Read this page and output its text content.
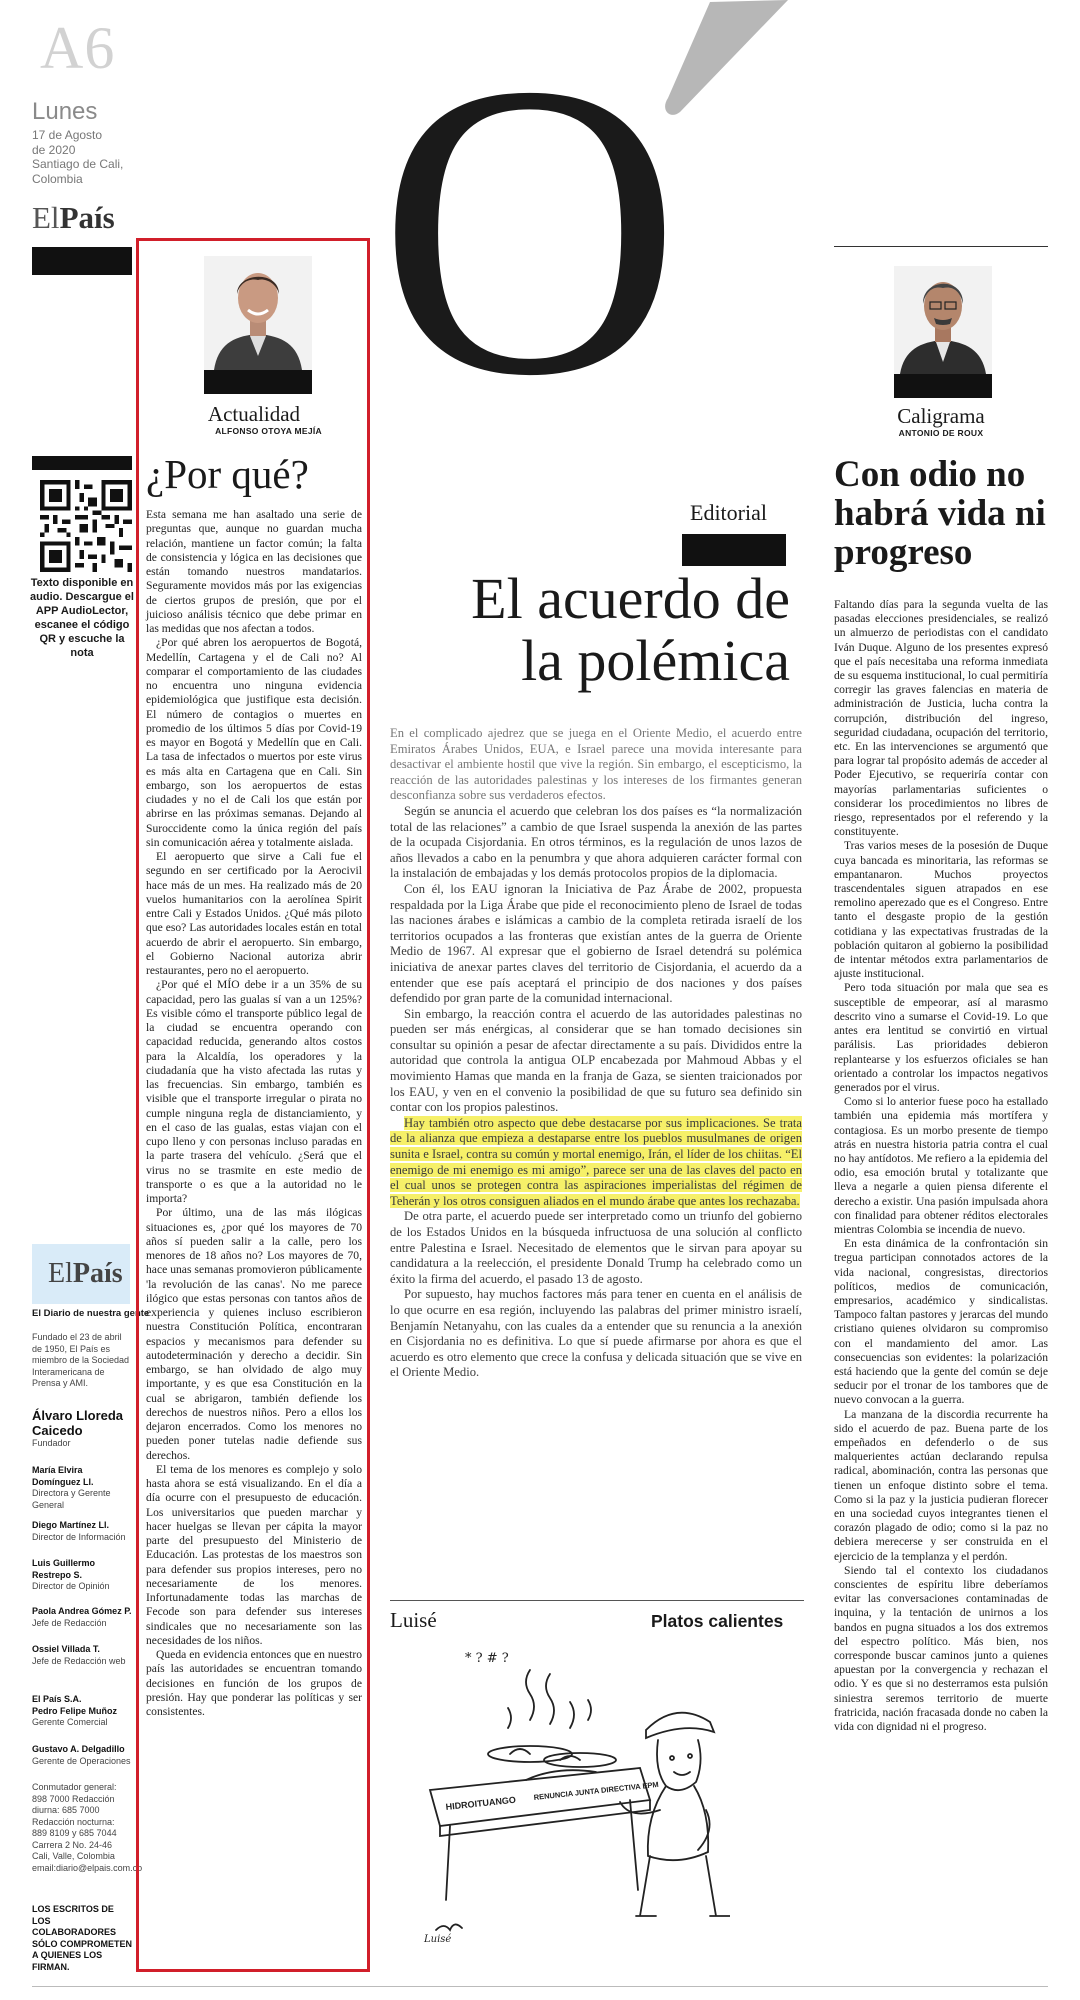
A6
Lunes
17 de Agosto
de 2020
Santiago de Cali,
Colombia
ElPaís
Texto disponible en audio. Descargue el APP AudioLector, escanee el código QR y escuche la nota
ElPaís
El Diario de nuestra gente
Fundado el 23 de abril de 1950, El País es miembro de la Sociedad Interamericana de Prensa y AMI.
Álvaro Lloreda Caicedo
Fundador
María Elvira Domínguez Ll.
Directora y Gerente General
Diego Martínez Ll.
Director de Información
Luis Guillermo Restrepo S.
Director de Opinión
Paola Andrea Gómez P.
Jefe de Redacción
Ossiel Villada T.
Jefe de Redacción web
El País S.A.
Pedro Felipe Muñoz
Gerente Comercial
Gustavo A. Delgadillo
Gerente de Operaciones
Conmutador general: 898 7000 Redacción diurna: 685 7000 Redacción nocturna: 889 8109 y 685 7044 Carrera 2 No. 24-46 Cali, Valle, Colombia email:diario@elpais.com.co
LOS ESCRITOS DE LOS COLABORADORES SÓLO COMPROMETEN A QUIENES LOS FIRMAN.
Actualidad
ALFONSO OTOYA MEJÍA
¿Por qué?

Esta semana me han asaltado una serie de preguntas que, aunque no guardan mucha relación, mantiene un factor común; la falta de consistencia y lógica en las decisiones que están tomando nuestros mandatarios. Seguramente movidos más por las exigencias de ciertos grupos de presión, que por el juicioso análisis técnico que debe primar en las medidas que nos afectan a todos.

¿Por qué abren los aeropuertos de Bogotá, Medellín, Cartagena y el de Cali no? Al comparar el comportamiento de las ciudades no encuentra uno ninguna evidencia epidemiológica que justifique esta decisión. El número de contagios o muertes en promedio de los últimos 5 días por Covid-19 es mayor en Bogotá y Medellín que en Cali. La tasa de infectados o muertos por este virus es más alta en Cartagena que en Cali. Sin embargo, son los aeropuertos de estas ciudades y no el de Cali los que están por abrirse en las próximas semanas. Dejando al Suroccidente como la única región del país sin comunicación aérea y totalmente aislada.

El aeropuerto que sirve a Cali fue el segundo en ser certificado por la Aerocivil hace más de un mes. Ha realizado más de 20 vuelos humanitarios con la aerolínea Spirit entre Cali y Estados Unidos. ¿Qué más piloto que eso? Las autoridades locales están en total acuerdo de abrir el aeropuerto. Sin embargo, el Gobierno Nacional autoriza abrir restaurantes, pero no el aeropuerto.

¿Por qué el MÍO debe ir a un 35% de su capacidad, pero las gualas sí van a un 125%? Es visible cómo el transporte público legal de la ciudad se encuentra operando con capacidad reducida, generando altos costos para la Alcaldía, los operadores y la ciudadanía que ha visto afectada las rutas y las frecuencias. Sin embargo, también es visible que el transporte irregular o pirata no cumple ninguna regla de distanciamiento, y en el caso de las gualas, estas viajan con el cupo lleno y con personas incluso paradas en la parte trasera del vehículo. ¿Será que el virus no se trasmite en este medio de transporte o es que a la autoridad no le importa?

Por último, una de las más ilógicas situaciones es, ¿por qué los mayores de 70 años sí pueden salir a la calle, pero los menores de 18 años no? Los mayores de 70, hace unas semanas promovieron públicamente 'la revolución de las canas'. No me parece ilógico que estas personas con tantos años de experiencia y quienes incluso escribieron nuestra Constitución Política, encontraran espacios y mecanismos para defender su autodeterminación y derecho a decidir. Sin embargo, se han olvidado de algo muy importante, y es que esa Constitución en la cual se abrigaron, también defiende los derechos de nuestros niños. Pero a ellos los dejaron encerrados. Como los menores no pueden poner tutelas nadie defiende sus derechos.

El tema de los menores es complejo y solo hasta ahora se está visualizando. En el día a día ocurre con el presupuesto de educación. Los universitarios que pueden marchar y hacer huelgas se llevan per cápita la mayor parte del presupuesto del Ministerio de Educación. Las protestas de los maestros son para defender sus propios intereses, pero no necesariamente de los menores. Infortunadamente todas las marchas de Fecode son para defender sus intereses sindicales que no necesariamente son las necesidades de los niños.

Queda en evidencia entonces que en nuestro país las autoridades se encuentran tomando decisiones en función de los grupos de presión. Hay que ponderar las políticas y ser consistentes.

O
Editorial
El acuerdo de
la polémica

En el complicado ajedrez que se juega en el Oriente Medio, el acuerdo entre Emiratos Árabes Unidos, EUA, e Israel parece una movida interesante para desactivar el ambiente hostil que vive la región. Sin embargo, el escepticismo, la reacción de las autoridades palestinas y los intereses de los firmantes generan desconfianza sobre sus verdaderos efectos.

Según se anuncia el acuerdo que celebran los dos países es “la normalización total de las relaciones” a cambio de que Israel suspenda la anexión de las partes de la ocupada Cisjordania. En otros términos, es la regulación de unos lazos de años llevados a cabo en la penumbra y que ahora adquieren carácter formal con la instalación de embajadas y los demás protocolos propios de la diplomacia.

Con él, los EAU ignoran la Iniciativa de Paz Árabe de 2002, propuesta respaldada por la Liga Árabe que pide el reconocimiento pleno de Israel de todas las naciones árabes e islámicas a cambio de la completa retirada israelí de los territorios ocupados a las fronteras que existían antes de la guerra de Oriente Medio de 1967. Al expresar que el gobierno de Israel detendrá su polémica iniciativa de anexar partes claves del territorio de Cisjordania, el acuerdo da a entender que ese país aceptará el principio de dos naciones y dos países defendido por gran parte de la comunidad internacional.

Sin embargo, la reacción contra el acuerdo de las autoridades palestinas no pueden ser más enérgicas, al considerar que se han tomado decisiones sin consultar su opinión a pesar de afectar directamente a su país. Divididos entre la autoridad que controla la antigua OLP encabezada por Mahmoud Abbas y el movimiento Hamas que manda en la franja de Gaza, se sienten traicionados por los EAU, y ven en el convenio la posibilidad de que su futuro sea definido sin contar con los propios palestinos.

Hay también otro aspecto que debe destacarse por sus implicaciones. Se trata de la alianza que empieza a destaparse entre los pueblos musulmanes de origen sunita e Israel, contra su común y mortal enemigo, Irán, el líder de los chiitas. “El enemigo de mi enemigo es mi amigo”, parece ser una de las claves del pacto en el cual unos se protegen contra las aspiraciones imperialistas del régimen de Teherán y los otros consiguen aliados en el mundo árabe que antes los rechazaba.

De otra parte, el acuerdo puede ser interpretado como un triunfo del gobierno de los Estados Unidos en la búsqueda infructuosa de una solución al conflicto entre Palestina e Israel. Necesitado de elementos que le sirvan para apoyar su candidatura a la reelección, el presidente Donald Trump ha celebrado como un éxito la firma del acuerdo, el pasado 13 de agosto.

Por supuesto, hay muchos factores más para tener en cuenta en el análisis de lo que ocurre en esa región, incluyendo las palabras del primer ministro israelí, Benjamín Netanyahu, con las cuales da a entender que su renuncia a la anexión en Cisjordania no es definitiva. Lo que sí puede afirmarse por ahora es que el acuerdo es otro elemento que crece la confusa y delicada situación que se vive en el Oriente Medio.

Luisé	Platos calientes
* ? # ?
HIDROITUANGO
RENUNCIA JUNTA DIRECTIVA EPM
Luisé
Caligrama
ANTONIO DE ROUX
Con odio no habrá vida ni progreso

Faltando días para la segunda vuelta de las pasadas elecciones presidenciales, se realizó un almuerzo de periodistas con el candidato Iván Duque. Alguno de los presentes expresó que el país necesitaba una reforma inmediata de su esquema institucional, lo cual permitiría corregir las graves falencias en materia de administración de Justicia, lucha contra la corrupción, distribución del ingreso, seguridad ciudadana, ocupación del territorio, etc. En las intervenciones se argumentó que para lograr tal propósito además de acceder al Poder Ejecutivo, se requeriría contar con mayorías parlamentarias suficientes o considerar los procedimientos no libres de riesgo, representados por el referendo y la constituyente.

Tras varios meses de la posesión de Duque cuya bancada es minoritaria, las reformas se empantanaron. Muchos proyectos trascendentales siguen atrapados en ese remolino aperezado que es el Congreso. Entre tanto el desgaste propio de la gestión cotidiana y las expectativas frustradas de la población quitaron al gobierno la posibilidad de intentar métodos extra parlamentarios de ajuste institucional.

Pero toda situación por mala que sea es susceptible de empeorar, así al marasmo descrito vino a sumarse el Covid-19. Lo que antes era lentitud se convirtió en virtual parálisis. Las prioridades debieron replantearse y los esfuerzos oficiales se han orientado a controlar los impactos negativos generados por el virus.

Como si lo anterior fuese poco ha estallado también una epidemia más mortífera y contagiosa. Es un morbo presente de tiempo atrás en nuestra historia patria contra el cual no hay antídotos. Me refiero a la epidemia del odio, esa emoción brutal y totalizante que lleva a negarle a quien piensa diferente el derecho a existir. Una pasión impulsada ahora con finalidad para obtener réditos electorales mientras Colombia se incendia de nuevo.

En esta dinámica de la confrontación sin tregua participan connotados actores de la vida nacional, congresistas, directorios políticos, medios de comunicación, empresarios, académico y sindicalistas. Tampoco faltan pastores y jerarcas del mundo cristiano quienes olvidaron su compromiso con el mandamiento del amor. Las consecuencias son evidentes: la polarización está haciendo que la gente del común se deje seducir por el tronar de los tambores que de nuevo convocan a la guerra.

La manzana de la discordia recurrente ha sido el acuerdo de paz. Buena parte de los empeñados en defenderlo o de sus malquerientes actúan declarando repulsa radical, abominación, contra las personas que tienen un enfoque distinto sobre el tema. Como si la paz y la justicia pudieran florecer en una sociedad cuyos integrantes tienen el corazón plagado de odio; como si la paz no debiera merecerse y ser construida en el ejercicio de la templanza y el perdón.

Siendo tal el contexto los ciudadanos conscientes de espíritu libre deberíamos evitar las conversaciones contaminadas de inquina, y la tentación de unirnos a los bandos en pugna situados a los dos extremos del espectro político. Más bien, nos corresponde buscar caminos junto a quienes apuestan por la convergencia y rechazan el odio. Y es que si no desterramos esta pulsión siniestra seremos territorio de muerte fratricida, nación fracasada donde no caben la vida con dignidad ni el progreso.
